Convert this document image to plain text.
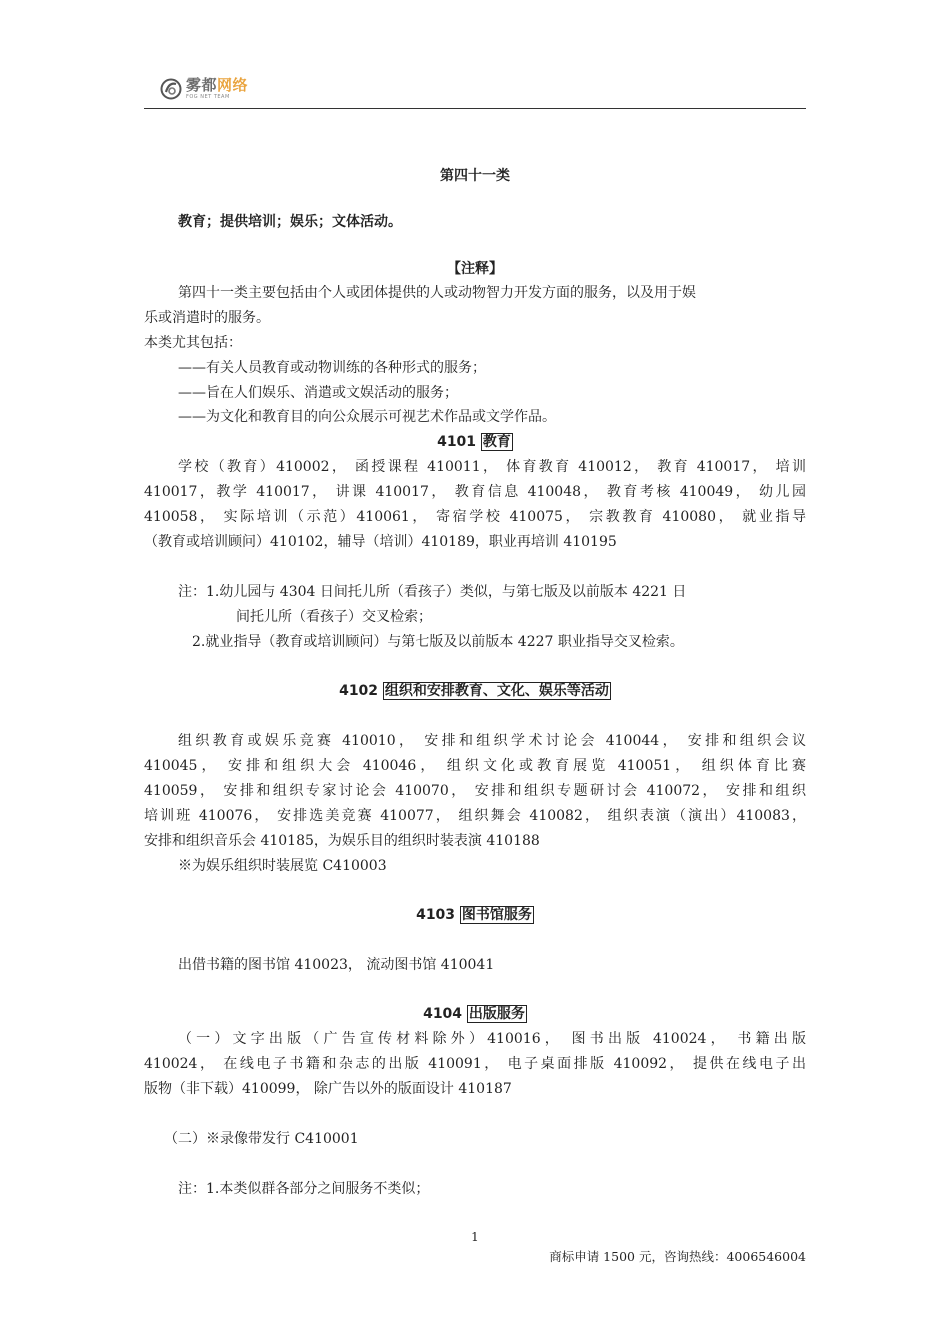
雾都网络
FOG NET TEAM
第四十一类
教育；提供培训；娱乐；文体活动。
【注释】
第四十一类主要包括由个人或团体提供的人或动物智力开发方面的服务，以及用于娱
乐或消遣时的服务。
本类尤其包括：
——有关人员教育或动物训练的各种形式的服务；
——旨在人们娱乐、消遣或文娱活动的服务；
——为文化和教育目的向公众展示可视艺术作品或文学作品。
4101 教育
学校（教育）410002， 函授课程 410011， 体育教育 410012， 教育 410017， 培训
410017，教学 410017， 讲课 410017， 教育信息 410048， 教育考核 410049， 幼儿园
410058， 实际培训（示范）410061， 寄宿学校 410075， 宗教教育 410080， 就业指导
（教育或培训顾问）410102，辅导（培训）410189，职业再培训 410195
注：1.幼儿园与 4304 日间托儿所（看孩子）类似，与第七版及以前版本 4221 日
间托儿所（看孩子）交叉检索；
2.就业指导（教育或培训顾问）与第七版及以前版本 4227 职业指导交叉检索。
4102 组织和安排教育、文化、娱乐等活动
组织教育或娱乐竞赛 410010， 安排和组织学术讨论会 410044， 安排和组织会议
410045， 安排和组织大会 410046， 组织文化或教育展览 410051， 组织体育比赛
410059， 安排和组织专家讨论会 410070， 安排和组织专题研讨会 410072， 安排和组织
培训班 410076， 安排选美竞赛 410077， 组织舞会 410082， 组织表演（演出）410083，
安排和组织音乐会 410185，为娱乐目的组织时装表演 410188
※为娱乐组织时装展览 C410003
4103 图书馆服务
出借书籍的图书馆 410023， 流动图书馆 410041
4104 出版服务
（一）文字出版（广告宣传材料除外）410016， 图书出版 410024， 书籍出版
410024， 在线电子书籍和杂志的出版 410091， 电子桌面排版 410092， 提供在线电子出
版物（非下载）410099， 除广告以外的版面设计 410187
（二）※录像带发行 C410001
注：1.本类似群各部分之间服务不类似；
1
商标申请 1500 元，咨询热线：4006546004
